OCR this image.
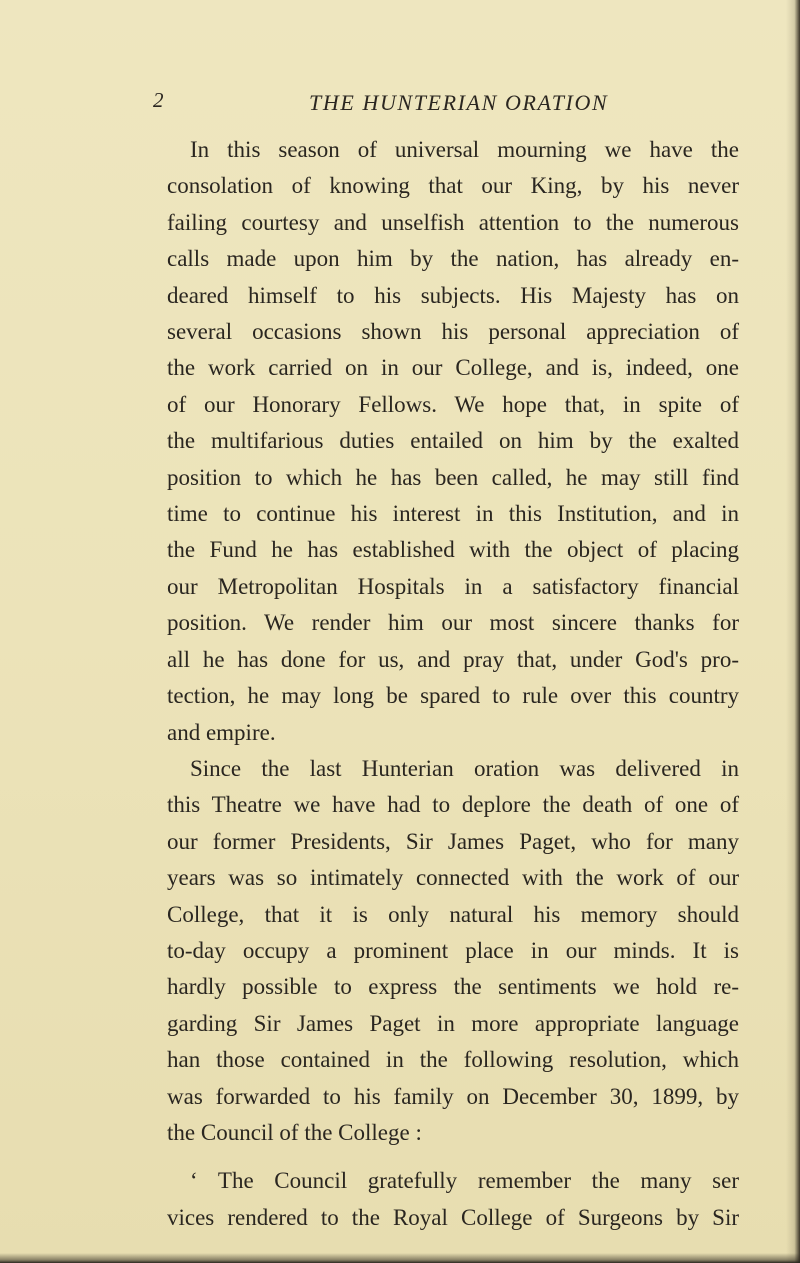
2	THE HUNTERIAN ORATION
In this season of universal mourning we have the
consolation of knowing that our King, by his never
failing courtesy and unselfish attention to the numerous
calls made upon him by the nation, has already en-
deared himself to his subjects. His Majesty has on
several occasions shown his personal appreciation of
the work carried on in our College, and is, indeed, one
of our Honorary Fellows. We hope that, in spite of
the multifarious duties entailed on him by the exalted
position to which he has been called, he may still find
time to continue his interest in this Institution, and in
the Fund he has established with the object of placing
our Metropolitan Hospitals in a satisfactory financial
position. We render him our most sincere thanks for
all he has done for us, and pray that, under God's pro-
tection, he may long be spared to rule over this country
and empire.
Since the last Hunterian oration was delivered in
this Theatre we have had to deplore the death of one of
our former Presidents, Sir James Paget, who for many
years was so intimately connected with the work of our
College, that it is only natural his memory should
to-day occupy a prominent place in our minds. It is
hardly possible to express the sentiments we hold re-
garding Sir James Paget in more appropriate language
han those contained in the following resolution, which
was forwarded to his family on December 30, 1899, by
the Council of the College :
‘ The Council gratefully remember the many ser
vices rendered to the Royal College of Surgeons by Sir
